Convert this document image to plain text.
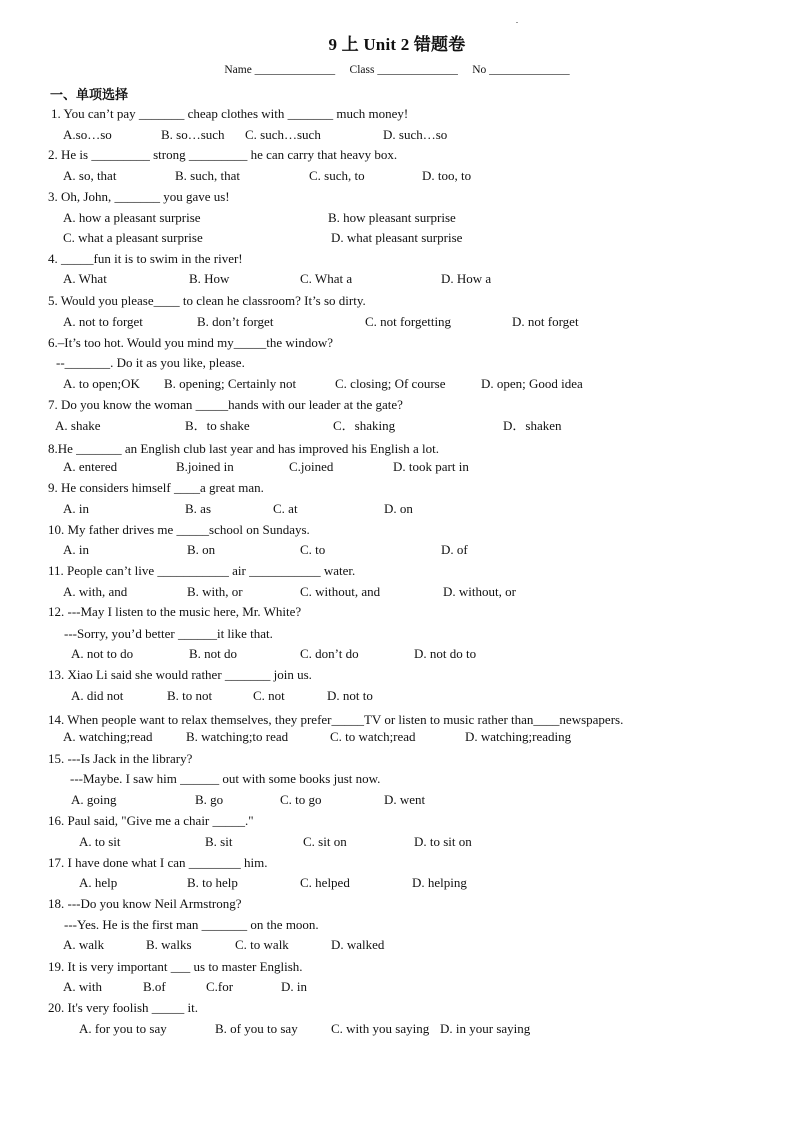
9 上 Unit 2 错题卷
Name ______________     Class ______________     No ______________
一、单项选择
1. You can’t pay _______ cheap clothes with _______ much money!
A.so…so	B. so…such C. such…such	D. such…so
2. He is _________ strong _________ he can carry that heavy box.
A. so, that	B. such, that	C. such, to	D. too, to
3. Oh, John, _______ you gave us!
A. how a pleasant surprise	B. how pleasant surprise
C. what a pleasant surprise	D. what pleasant surprise
4. _____fun it is to swim in the river!
A. What	B. How	C. What a	D. How a
5. Would you please____ to clean he classroom? It’s so dirty.
A. not to forget	B. don’t forget	C. not forgetting	D. not forget
6.–It’s too hot. Would you mind my_____the window?
--_______. Do it as you like, please.
A. to open;OK B. opening; Certainly not	C. closing; Of course	D. open; Good idea
7. Do you know the woman _____hands with our leader at the gate?
A. shake	B．to shake	C．shaking	D．shaken
8.He _______ an English club last year and has improved his English a lot.
A. entered	B.joined in	C.joined	D. took part in
9. He considers himself ____a great man.
A. in	B. as	C. at	D. on
10. My father drives me _____school on Sundays.
A. in	B. on	C. to	D. of
11. People can’t live ___________ air ___________ water.
A. with, and	B. with, or	C. without, and	D. without, or
12. ---May I listen to the music here, Mr. White?
---Sorry, you’d better ______it like that.
A. not to do	B. not do	C. don’t do	D. not do to
13. Xiao Li said she would rather _______ join us.
A. did not	B. to not	C. not	D. not to
14. When people want to relax themselves, they prefer_____TV or listen to music rather than____newspapers.
A. watching;read	B. watching;to read	C. to watch;read	D. watching;reading
15. ---Is Jack in the library?
---Maybe. I saw him ______ out with some books just now.
A. going	B. go	C. to go	D. went
16. Paul said, "Give me a chair _____."
A. to sit	B. sit	C. sit on	D. to sit on
17. I have done what I can ________ him.
A. help	B. to help	C. helped	D. helping
18. ---Do you know Neil Armstrong?
---Yes. He is the first man _______ on the moon.
A. walk	B. walks	C. to walk	D. walked
19. It is very important ___ us to master English.
A. with	B.of	C.for	D. in
20. It's very foolish _____ it.
A. for you to say	B. of you to say	C. with you saying D. in your saying
